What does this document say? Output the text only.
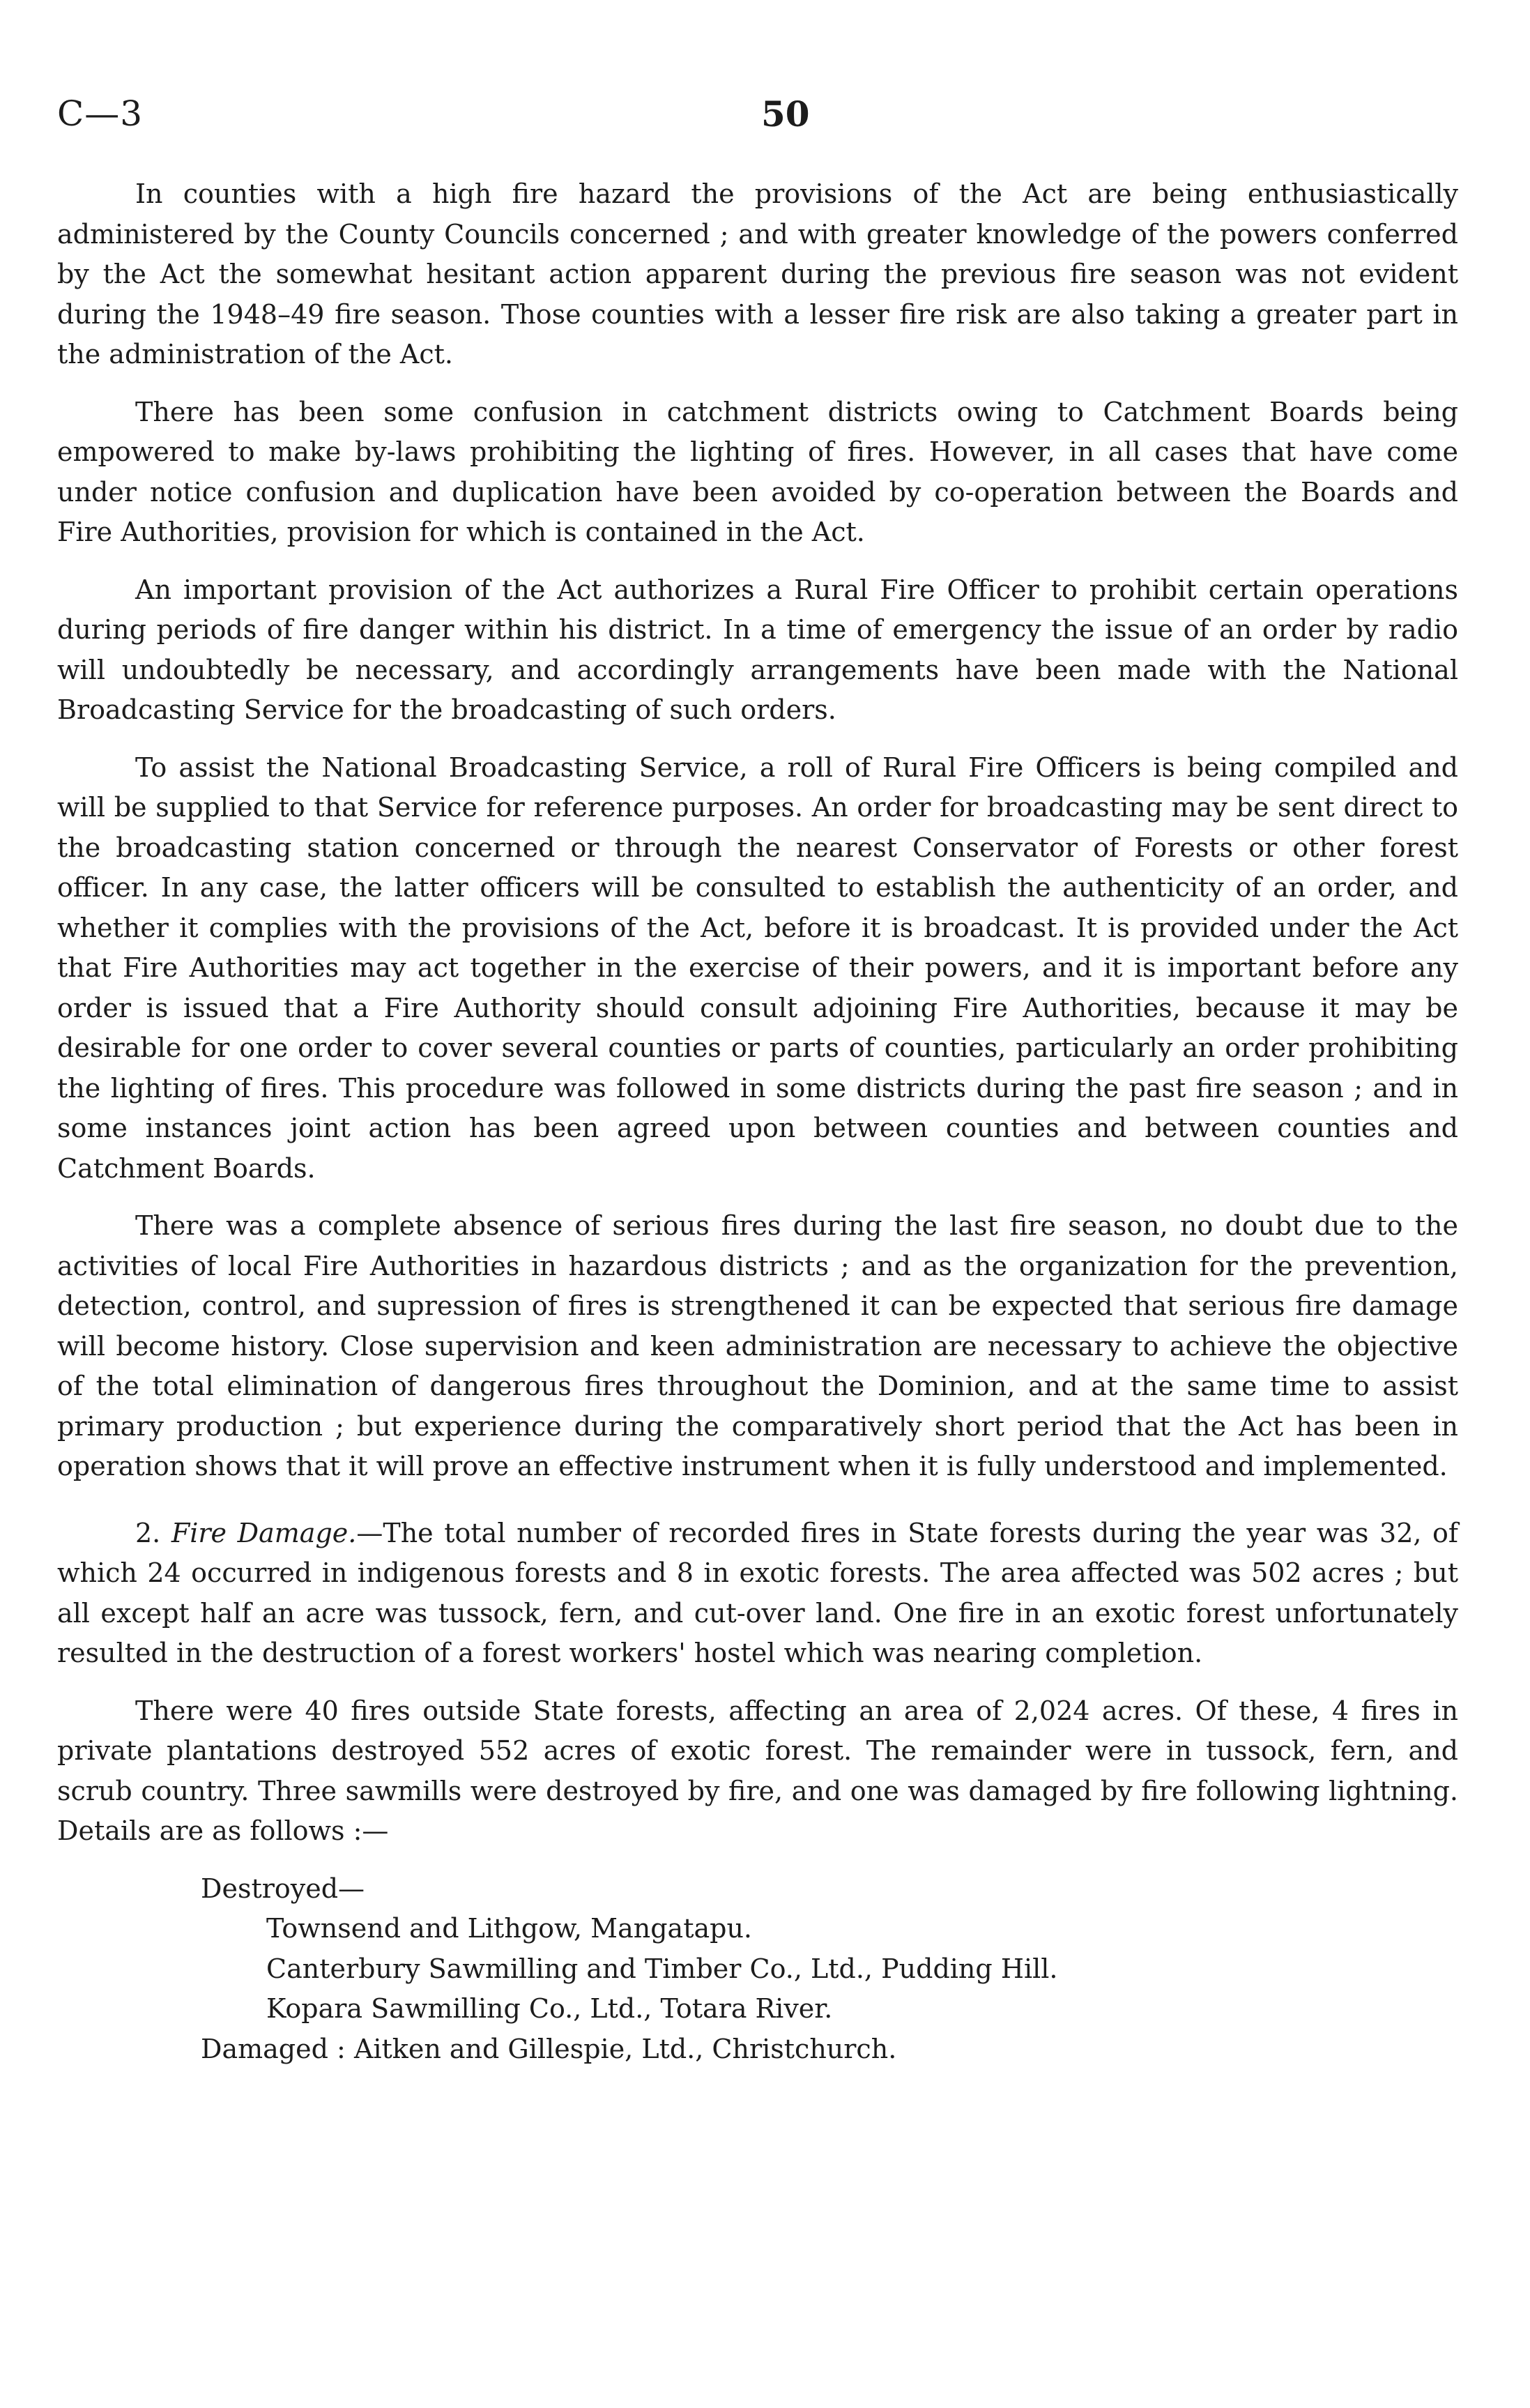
C—3	50

In counties with a high fire hazard the provisions of the Act are being enthusiastically administered by the County Councils concerned ; and with greater knowledge of the powers conferred by the Act the somewhat hesitant action apparent during the previous fire season was not evident during the 1948–49 fire season. Those counties with a lesser fire risk are also taking a greater part in the administration of the Act.

There has been some confusion in catchment districts owing to Catchment Boards being empowered to make by-laws prohibiting the lighting of fires. However, in all cases that have come under notice confusion and duplication have been avoided by co-operation between the Boards and Fire Authorities, provision for which is contained in the Act.

An important provision of the Act authorizes a Rural Fire Officer to prohibit certain operations during periods of fire danger within his district. In a time of emergency the issue of an order by radio will undoubtedly be necessary, and accordingly arrangements have been made with the National Broadcasting Service for the broadcasting of such orders.

To assist the National Broadcasting Service, a roll of Rural Fire Officers is being compiled and will be supplied to that Service for reference purposes. An order for broadcasting may be sent direct to the broadcasting station concerned or through the nearest Conservator of Forests or other forest officer. In any case, the latter officers will be consulted to establish the authenticity of an order, and whether it complies with the provisions of the Act, before it is broadcast. It is provided under the Act that Fire Authorities may act together in the exercise of their powers, and it is important before any order is issued that a Fire Authority should consult adjoining Fire Authorities, because it may be desirable for one order to cover several counties or parts of counties, particularly an order prohibiting the lighting of fires. This procedure was followed in some districts during the past fire season ; and in some instances joint action has been agreed upon between counties and between counties and Catchment Boards.

There was a complete absence of serious fires during the last fire season, no doubt due to the activities of local Fire Authorities in hazardous districts ; and as the organization for the prevention, detection, control, and supression of fires is strengthened it can be expected that serious fire damage will become history. Close supervision and keen administration are necessary to achieve the objective of the total elimination of dangerous fires throughout the Dominion, and at the same time to assist primary production ; but experience during the comparatively short period that the Act has been in operation shows that it will prove an effective instrument when it is fully understood and implemented.

2. Fire Damage.—The total number of recorded fires in State forests during the year was 32, of which 24 occurred in indigenous forests and 8 in exotic forests. The area affected was 502 acres ; but all except half an acre was tussock, fern, and cut-over land. One fire in an exotic forest unfortunately resulted in the destruction of a forest workers' hostel which was nearing completion.

There were 40 fires outside State forests, affecting an area of 2,024 acres. Of these, 4 fires in private plantations destroyed 552 acres of exotic forest. The remainder were in tussock, fern, and scrub country. Three sawmills were destroyed by fire, and one was damaged by fire following lightning. Details are as follows :—

Destroyed—
Townsend and Lithgow, Mangatapu.
Canterbury Sawmilling and Timber Co., Ltd., Pudding Hill.
Kopara Sawmilling Co., Ltd., Totara River.
Damaged : Aitken and Gillespie, Ltd., Christchurch.
